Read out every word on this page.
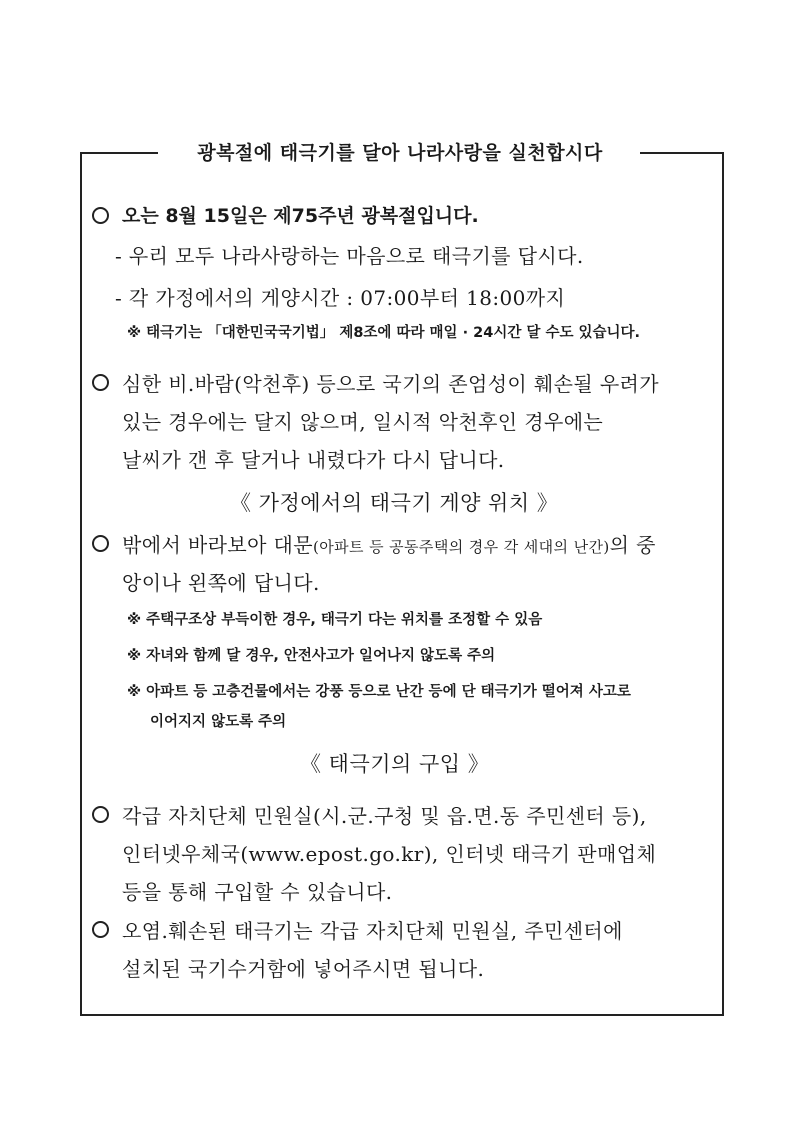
광복절에 태극기를 달아 나라사랑을 실천합시다
오는 8월 15일은 제75주년 광복절입니다.
- 우리 모두 나라사랑하는 마음으로 태극기를 답시다.
- 각 가정에서의 게양시간 : 07:00부터 18:00까지
※ 태극기는 「대한민국국기법」 제8조에 따라 매일 · 24시간 달 수도 있습니다.
심한 비.바람(악천후) 등으로 국기의 존엄성이 훼손될 우려가
있는 경우에는 달지 않으며, 일시적 악천후인 경우에는
날씨가 갠 후 달거나 내렸다가 다시 답니다.
《 가정에서의 태극기 게양 위치 》
밖에서 바라보아 대문(아파트 등 공동주택의 경우 각 세대의 난간)의 중
앙이나 왼쪽에 답니다.
※ 주택구조상 부득이한 경우, 태극기 다는 위치를 조정할 수 있음
※ 자녀와 함께 달 경우, 안전사고가 일어나지 않도록 주의
※ 아파트 등 고층건물에서는 강풍 등으로 난간 등에 단 태극기가 떨어져 사고로
이어지지 않도록 주의
《 태극기의 구입 》
각급 자치단체 민원실(시.군.구청 및 읍.면.동 주민센터 등),
인터넷우체국(www.epost.go.kr), 인터넷 태극기 판매업체
등을 통해 구입할 수 있습니다.
오염.훼손된 태극기는 각급 자치단체 민원실, 주민센터에
설치된 국기수거함에 넣어주시면 됩니다.
